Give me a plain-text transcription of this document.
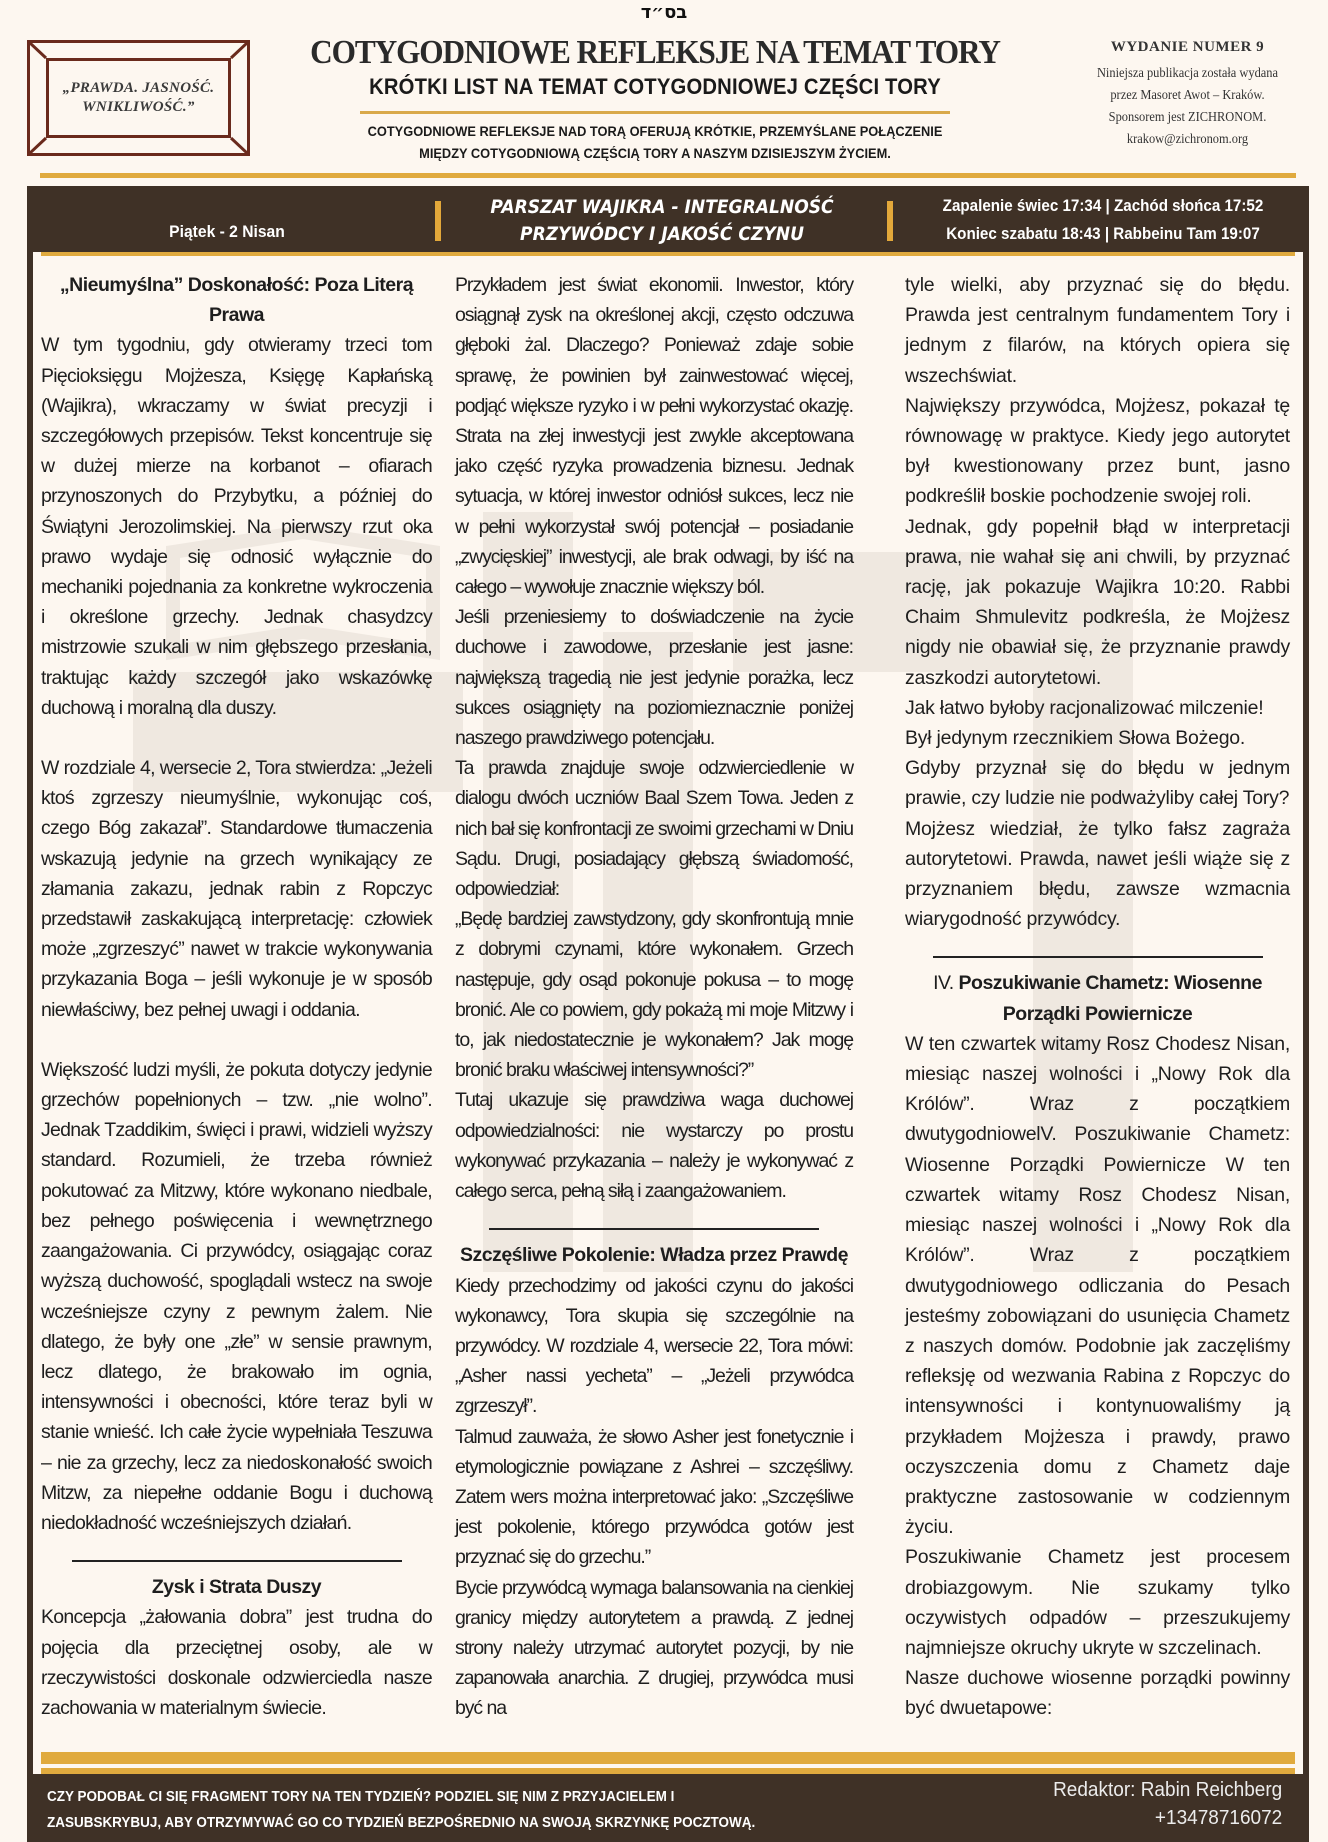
בס״ד
„PRAWDA. JASNOŚĆ. WNIKLIWOŚĆ.”
COTYGODNIOWE REFLEKSJE NA TEMAT TORY
KRÓTKI LIST NA TEMAT COTYGODNIOWEJ CZĘŚCI TORY
COTYGODNIOWE REFLEKSJE NAD TORĄ OFERUJĄ KRÓTKIE, PRZEMYŚLANE POŁĄCZENIE
MIĘDZY COTYGODNIOWĄ CZĘŚCIĄ TORY A NASZYM DZISIEJSZYM ŻYCIEM.
WYDANIE NUMER 9
Niniejsza publikacja została wydana
przez Masoret Awot – Kraków.
Sponsorem jest ZICHRONOM.
krakow@zichronom.org
Piątek - 2 Nisan
PARSZAT WAJIKRA - INTEGRALNOŚĆ
PRZYWÓDCY I JAKOŚĆ CZYNU
Zapalenie świec 17:34 | Zachód słońca 17:52
Koniec szabatu 18:43 | Rabbeinu Tam 19:07

„Nieumyślna” Doskonałość: Poza Literą Prawa

W tym tygodniu, gdy otwieramy trzeci tom Pięcioksięgu Mojżesza, Księgę Kapłańską (Wajikra), wkraczamy w świat precyzji i szczegółowych przepisów. Tekst koncentruje się w dużej mierze na korbanot – ofiarach przynoszonych do Przybytku, a później do Świątyni Jerozolimskiej. Na pierwszy rzut oka prawo wydaje się odnosić wyłącznie do mechaniki pojednania za konkretne wykroczenia i określone grzechy. Jednak chasydzcy mistrzowie szukali w nim głębszego przesłania, traktując każdy szczegół jako wskazówkę duchową i moralną dla duszy.

W rozdziale 4, wersecie 2, Tora stwierdza: „Jeżeli ktoś zgrzeszy nieumyślnie, wykonując coś, czego Bóg zakazał”. Standardowe tłumaczenia wskazują jedynie na grzech wynikający ze złamania zakazu, jednak rabin z Ropczyc przedstawił zaskakującą interpretację: człowiek może „zgrzeszyć” nawet w trakcie wykonywania przykazania Boga – jeśli wykonuje je w sposób niewłaściwy, bez pełnej uwagi i oddania.

Większość ludzi myśli, że pokuta dotyczy jedynie grzechów popełnionych – tzw. „nie wolno”. Jednak Tzaddikim, święci i prawi, widzieli wyższy standard. Rozumieli, że trzeba również pokutować za Mitzwy, które wykonano niedbale, bez pełnego poświęcenia i wewnętrznego zaangażowania. Ci przywódcy, osiągając coraz wyższą duchowość, spoglądali wstecz na swoje wcześniejsze czyny z pewnym żalem. Nie dlatego, że były one „złe” w sensie prawnym, lecz dlatego, że brakowało im ognia, intensywności i obecności, które teraz byli w stanie wnieść. Ich całe życie wypełniała Teszuwa – nie za grzechy, lecz za niedoskonałość swoich Mitzw, za niepełne oddanie Bogu i duchową niedokładność wcześniejszych działań.

Zysk i Strata Duszy

Koncepcja „żałowania dobra” jest trudna do pojęcia dla przeciętnej osoby, ale w rzeczywistości doskonale odzwierciedla nasze zachowania w materialnym świecie.

Przykładem jest świat ekonomii. Inwestor, który osiągnął zysk na określonej akcji, często odczuwa głęboki żal. Dlaczego? Ponieważ zdaje sobie sprawę, że powinien był zainwestować więcej, podjąć większe ryzyko i w pełni wykorzystać okazję. Strata na złej inwestycji jest zwykle akceptowana jako część ryzyka prowadzenia biznesu. Jednak sytuacja, w której inwestor odniósł sukces, lecz nie w pełni wykorzystał swój potencjał – posiadanie „zwycięskiej” inwestycji, ale brak odwagi, by iść na całego – wywołuje znacznie większy ból.

Jeśli przeniesiemy to doświadczenie na życie duchowe i zawodowe, przesłanie jest jasne: największą tragedią nie jest jedynie porażka, lecz sukces osiągnięty na poziomieznacznie poniżej naszego prawdziwego potencjału.

Ta prawda znajduje swoje odzwierciedlenie w dialogu dwóch uczniów Baal Szem Towa. Jeden z nich bał się konfrontacji ze swoimi grzechami w Dniu Sądu. Drugi, posiadający głębszą świadomość, odpowiedział:

„Będę bardziej zawstydzony, gdy skonfrontują mnie z dobrymi czynami, które wykonałem. Grzech następuje, gdy osąd pokonuje pokusa – to mogę bronić. Ale co powiem, gdy pokażą mi moje Mitzwy i to, jak niedostatecznie je wykonałem? Jak mogę bronić braku właściwej intensywności?”

Tutaj ukazuje się prawdziwa waga duchowej odpowiedzialności: nie wystarczy po prostu wykonywać przykazania – należy je wykonywać z całego serca, pełną siłą i zaangażowaniem.

Szczęśliwe Pokolenie: Władza przez Prawdę

Kiedy przechodzimy od jakości czynu do jakości wykonawcy, Tora skupia się szczególnie na przywódcy. W rozdziale 4, wersecie 22, Tora mówi: „Asher nassi yecheta” – „Jeżeli przywódca zgrzeszył”.

Talmud zauważa, że słowo Asher jest fonetycznie i etymologicznie powiązane z Ashrei – szczęśliwy. Zatem wers można interpretować jako: „Szczęśliwe jest pokolenie, którego przywódca gotów jest przyznać się do grzechu.”

Bycie przywódcą wymaga balansowania na cienkiej granicy między autorytetem a prawdą. Z jednej strony należy utrzymać autorytet pozycji, by nie zapanowała anarchia. Z drugiej, przywódca musi być na

tyle wielki, aby przyznać się do błędu. Prawda jest centralnym fundamentem Tory i jednym z filarów, na których opiera się wszechświat.

Największy przywódca, Mojżesz, pokazał tę równowagę w praktyce. Kiedy jego autorytet był kwestionowany przez bunt, jasno podkreślił boskie pochodzenie swojej roli.

Jednak, gdy popełnił błąd w interpretacji prawa, nie wahał się ani chwili, by przyznać rację, jak pokazuje Wajikra 10:20. Rabbi Chaim Shmulevitz podkreśla, że Mojżesz nigdy nie obawiał się, że przyznanie prawdy zaszkodzi autorytetowi.

Jak łatwo byłoby racjonalizować milczenie! Był jedynym rzecznikiem Słowa Bożego.

Gdyby przyznał się do błędu w jednym prawie, czy ludzie nie podważyliby całej Tory?

Mojżesz wiedział, że tylko fałsz zagraża autorytetowi. Prawda, nawet jeśli wiąże się z przyznaniem błędu, zawsze wzmacnia wiarygodność przywódcy.

IV. Poszukiwanie Chametz: Wiosenne Porządki Powiernicze

W ten czwartek witamy Rosz Chodesz Nisan, miesiąc naszej wolności i „Nowy Rok dla Królów”. Wraz z początkiem dwutygodniowelV. Poszukiwanie Chametz: Wiosenne Porządki Powiernicze W ten czwartek witamy Rosz Chodesz Nisan, miesiąc naszej wolności i „Nowy Rok dla Królów”. Wraz z początkiem dwutygodniowego odliczania do Pesach jesteśmy zobowiązani do usunięcia Chametz z naszych domów. Podobnie jak zaczęliśmy refleksję od wezwania Rabina z Ropczyc do intensywności i kontynuowaliśmy ją przykładem Mojżesza i prawdy, prawo oczyszczenia domu z Chametz daje praktyczne zastosowanie w codziennym życiu.

Poszukiwanie Chametz jest procesem drobiazgowym. Nie szukamy tylko oczywistych odpadów – przeszukujemy najmniejsze okruchy ukryte w szczelinach.

Nasze duchowe wiosenne porządki powinny być dwuetapowe:

CZY PODOBAŁ CI SIĘ FRAGMENT TORY NA TEN TYDZIEŃ? PODZIEL SIĘ NIM Z PRZYJACIELEM I
ZASUBSKRYBUJ, ABY OTRZYMYWAĆ GO CO TYDZIEŃ BEZPOŚREDNIO NA SWOJĄ SKRZYNKĘ POCZTOWĄ.
Redaktor: Rabin Reichberg
+13478716072
